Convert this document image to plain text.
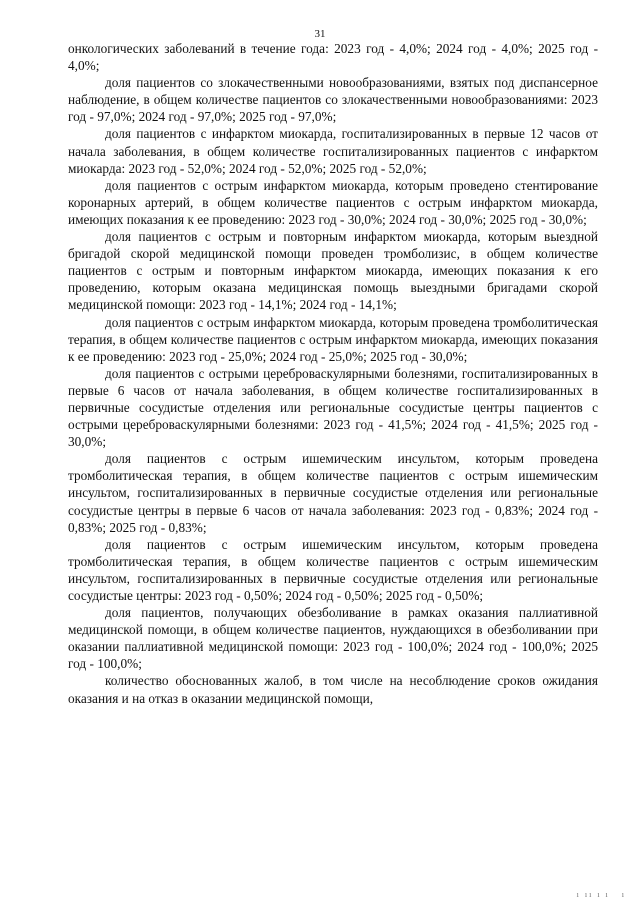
31

онкологических заболеваний в течение года: 2023 год - 4,0%; 2024 год - 4,0%; 2025 год - 4,0%;

доля пациентов со злокачественными новообразованиями, взятых под диспансерное наблюдение, в общем количестве пациентов со злокачественными новообразованиями: 2023 год - 97,0%; 2024 год - 97,0%; 2025 год - 97,0%;

доля пациентов с инфарктом миокарда, госпитализированных в первые 12 часов от начала заболевания, в общем количестве госпитализированных пациентов с инфарктом миокарда: 2023 год - 52,0%; 2024 год - 52,0%; 2025 год - 52,0%;

доля пациентов с острым инфарктом миокарда, которым проведено стентирование коронарных артерий, в общем количестве пациентов с острым инфарктом миокарда, имеющих показания к ее проведению: 2023 год - 30,0%; 2024 год - 30,0%; 2025 год - 30,0%;

доля пациентов с острым и повторным инфарктом миокарда, которым выездной бригадой скорой медицинской помощи проведен тромболизис, в общем количестве пациентов с острым и повторным инфарктом миокарда, имеющих показания к его проведению, которым оказана медицинская помощь выездными бригадами скорой медицинской помощи: 2023 год - 14,1%; 2024 год - 14,1%;

доля пациентов с острым инфарктом миокарда, которым проведена тромболитическая терапия, в общем количестве пациентов с острым инфарктом миокарда, имеющих показания к ее проведению: 2023 год - 25,0%; 2024 год - 25,0%; 2025 год - 30,0%;

доля пациентов с острыми цереброваскулярными болезнями, госпитализированных в первые 6 часов от начала заболевания, в общем количестве госпитализированных в первичные сосудистые отделения или региональные сосудистые центры пациентов с острыми цереброваскулярными болезнями: 2023 год - 41,5%; 2024 год - 41,5%; 2025 год - 30,0%;

доля пациентов с острым ишемическим инсультом, которым проведена тромболитическая терапия, в общем количестве пациентов с острым ишемическим инсультом, госпитализированных в первичные сосудистые отделения или региональные сосудистые центры в первые 6 часов от начала заболевания: 2023 год - 0,83%; 2024 год - 0,83%; 2025 год - 0,83%;

доля пациентов с острым ишемическим инсультом, которым проведена тромболитическая терапия, в общем количестве пациентов с острым ишемическим инсультом, госпитализированных в первичные сосудистые отделения или региональные сосудистые центры: 2023 год - 0,50%; 2024 год - 0,50%; 2025 год - 0,50%;

доля пациентов, получающих обезболивание в рамках оказания паллиативной медицинской помощи, в общем количестве пациентов, нуждающихся в обезболивании при оказании паллиативной медицинской помощи: 2023 год - 100,0%; 2024 год - 100,0%; 2025 год - 100,0%;

количество обоснованных жалоб, в том числе на несоблюдение сроков ожидания оказания и на отказ в оказании медицинской помощи,

ı ıı ı ı   ı
